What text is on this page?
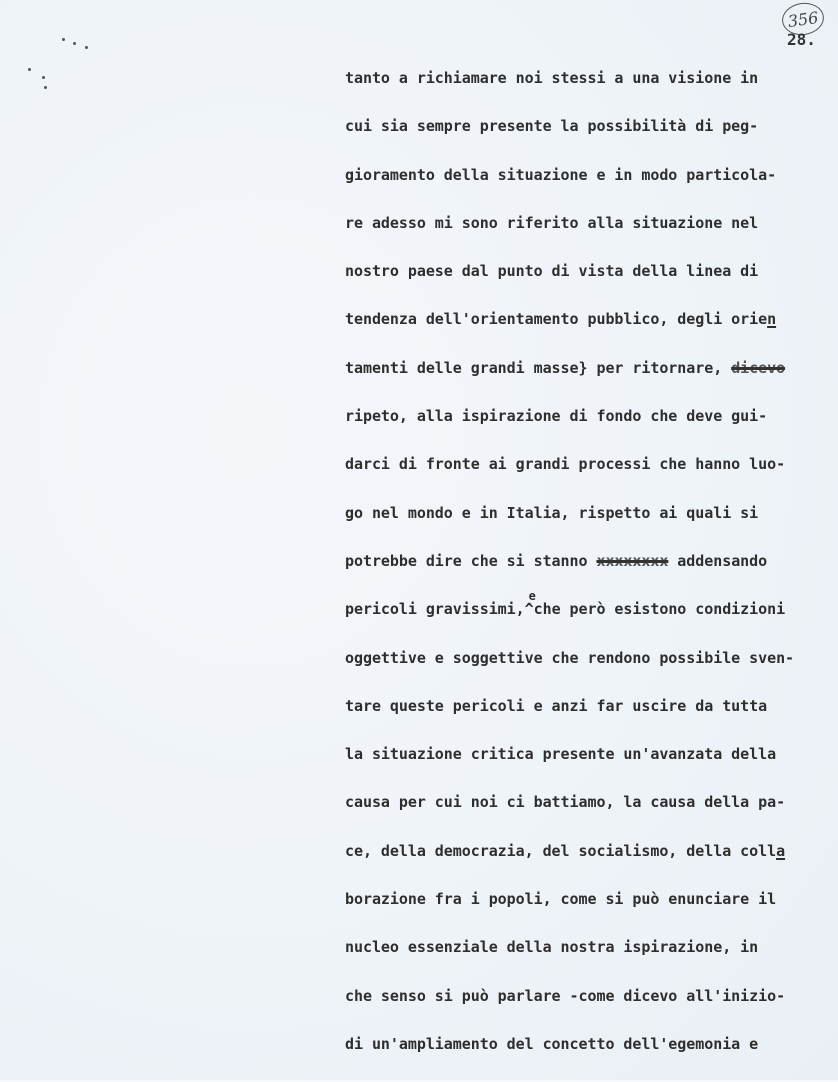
356
28.
tanto a richiamare noi stessi a una visione in
cui sia sempre presente la possibilità di peg-
gioramento della situazione e in modo particola-
re adesso mi sono riferito alla situazione nel
nostro paese dal punto di vista della linea di
tendenza dell'orientamento pubblico, degli orien
tamenti delle grandi masse} per ritornare, dicevo
ripeto, alla ispirazione di fondo che deve gui-
darci di fronte ai grandi processi che hanno luo-
go nel mondo e in Italia, rispetto ai quali si
potrebbe dire che si stanno xxxxxxxx addensando
pericoli gravissimi,^
e
che però esistono condizioni
oggettive e soggettive che rendono possibile sven-
tare queste pericoli e anzi far uscire da tutta
la situazione critica presente un'avanzata della
causa per cui noi ci battiamo, la causa della pa-
ce, della democrazia, del socialismo, della colla
borazione fra i popoli, come si può enunciare il
nucleo essenziale della nostra ispirazione, in
che senso si può parlare -come dicevo all'inizio-
di un'ampliamento del concetto dell'egemonia e
